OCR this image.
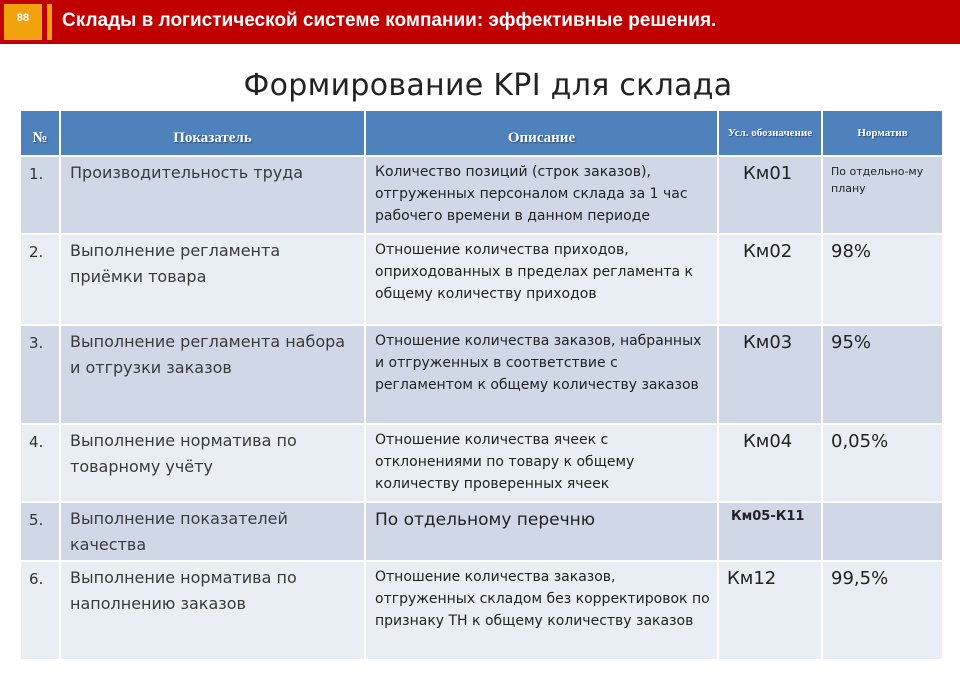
88	Склады в логистической системе компании: эффективные решения.
Формирование KPI для склада
№	Показатель	Описание	Усл. обозначение	Норматив
1.	Производительность труда	Количество позиций (строк заказов), отгруженных персоналом склада за 1 час рабочего времени в данном периоде	Км01	По отдельно-му плану
2.	Выполнение регламента приёмки товара	Отношение количества приходов, оприходованных в пределах регламента к общему количеству приходов	Км02	98%
3.	Выполнение регламента набора и отгрузки заказов	Отношение количества заказов, набранных и отгруженных в соответствие с регламентом к общему количеству заказов	Км03	95%
4.	Выполнение норматива по товарному учёту	Отношение количества ячеек с отклонениями по товару к общему количеству проверенных ячеек	Км04	0,05%
5.	Выполнение показателей качества	По отдельному перечню	Км05-К11	
6.	Выполнение норматива по наполнению заказов	Отношение количества заказов, отгруженных складом без корректировок по признаку ТН к общему количеству заказов	Км12	99,5%
